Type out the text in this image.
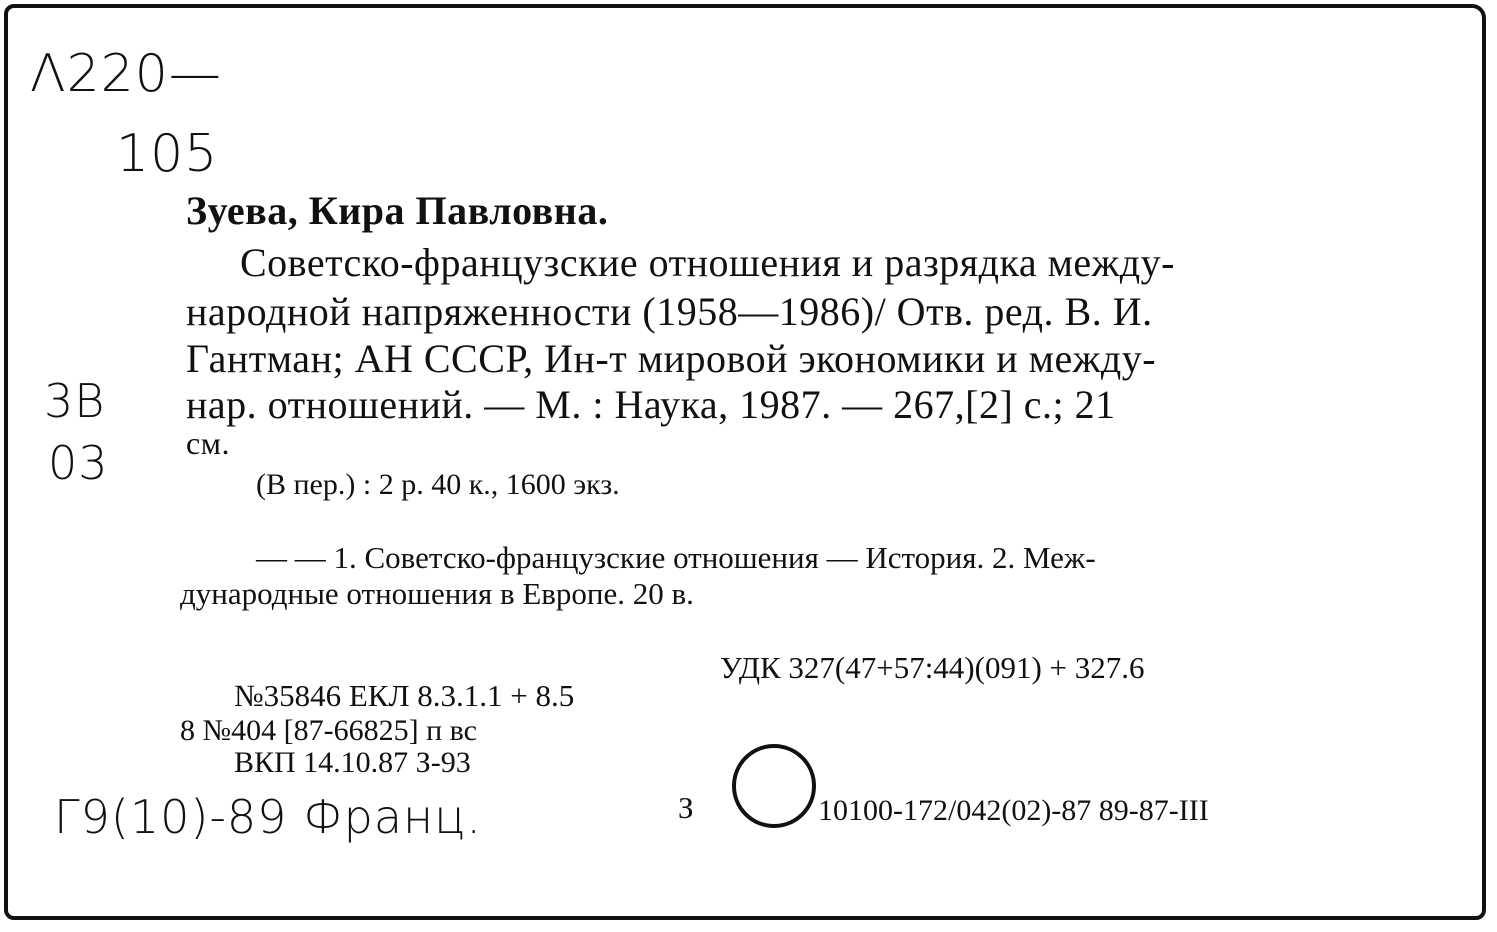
Λ220—
105
3B
03
Г9(10)-89 Франц.
Зуева, Кира Павловна.
Советско-французские отношения и разрядка между-
народной напряженности (1958—1986)/ Отв. ред. В. И.
Гантман; АН СССР, Ин-т мировой экономики и между-
нар. отношений. — М. : Наука, 1987. — 267,[2] с.; 21
см.
(В пер.) : 2 р. 40 к., 1600 экз.
— — 1. Советско-французские отношения — История. 2. Меж-
дународные отношения в Европе. 20 в.
УДК 327(47+57:44)(091) + 327.6
№35846 ЕКЛ 8.3.1.1 + 8.5
8 №404 [87-66825] п вс
ВКП 14.10.87 З-93
З	10100-172/042(02)-87 89-87-III
